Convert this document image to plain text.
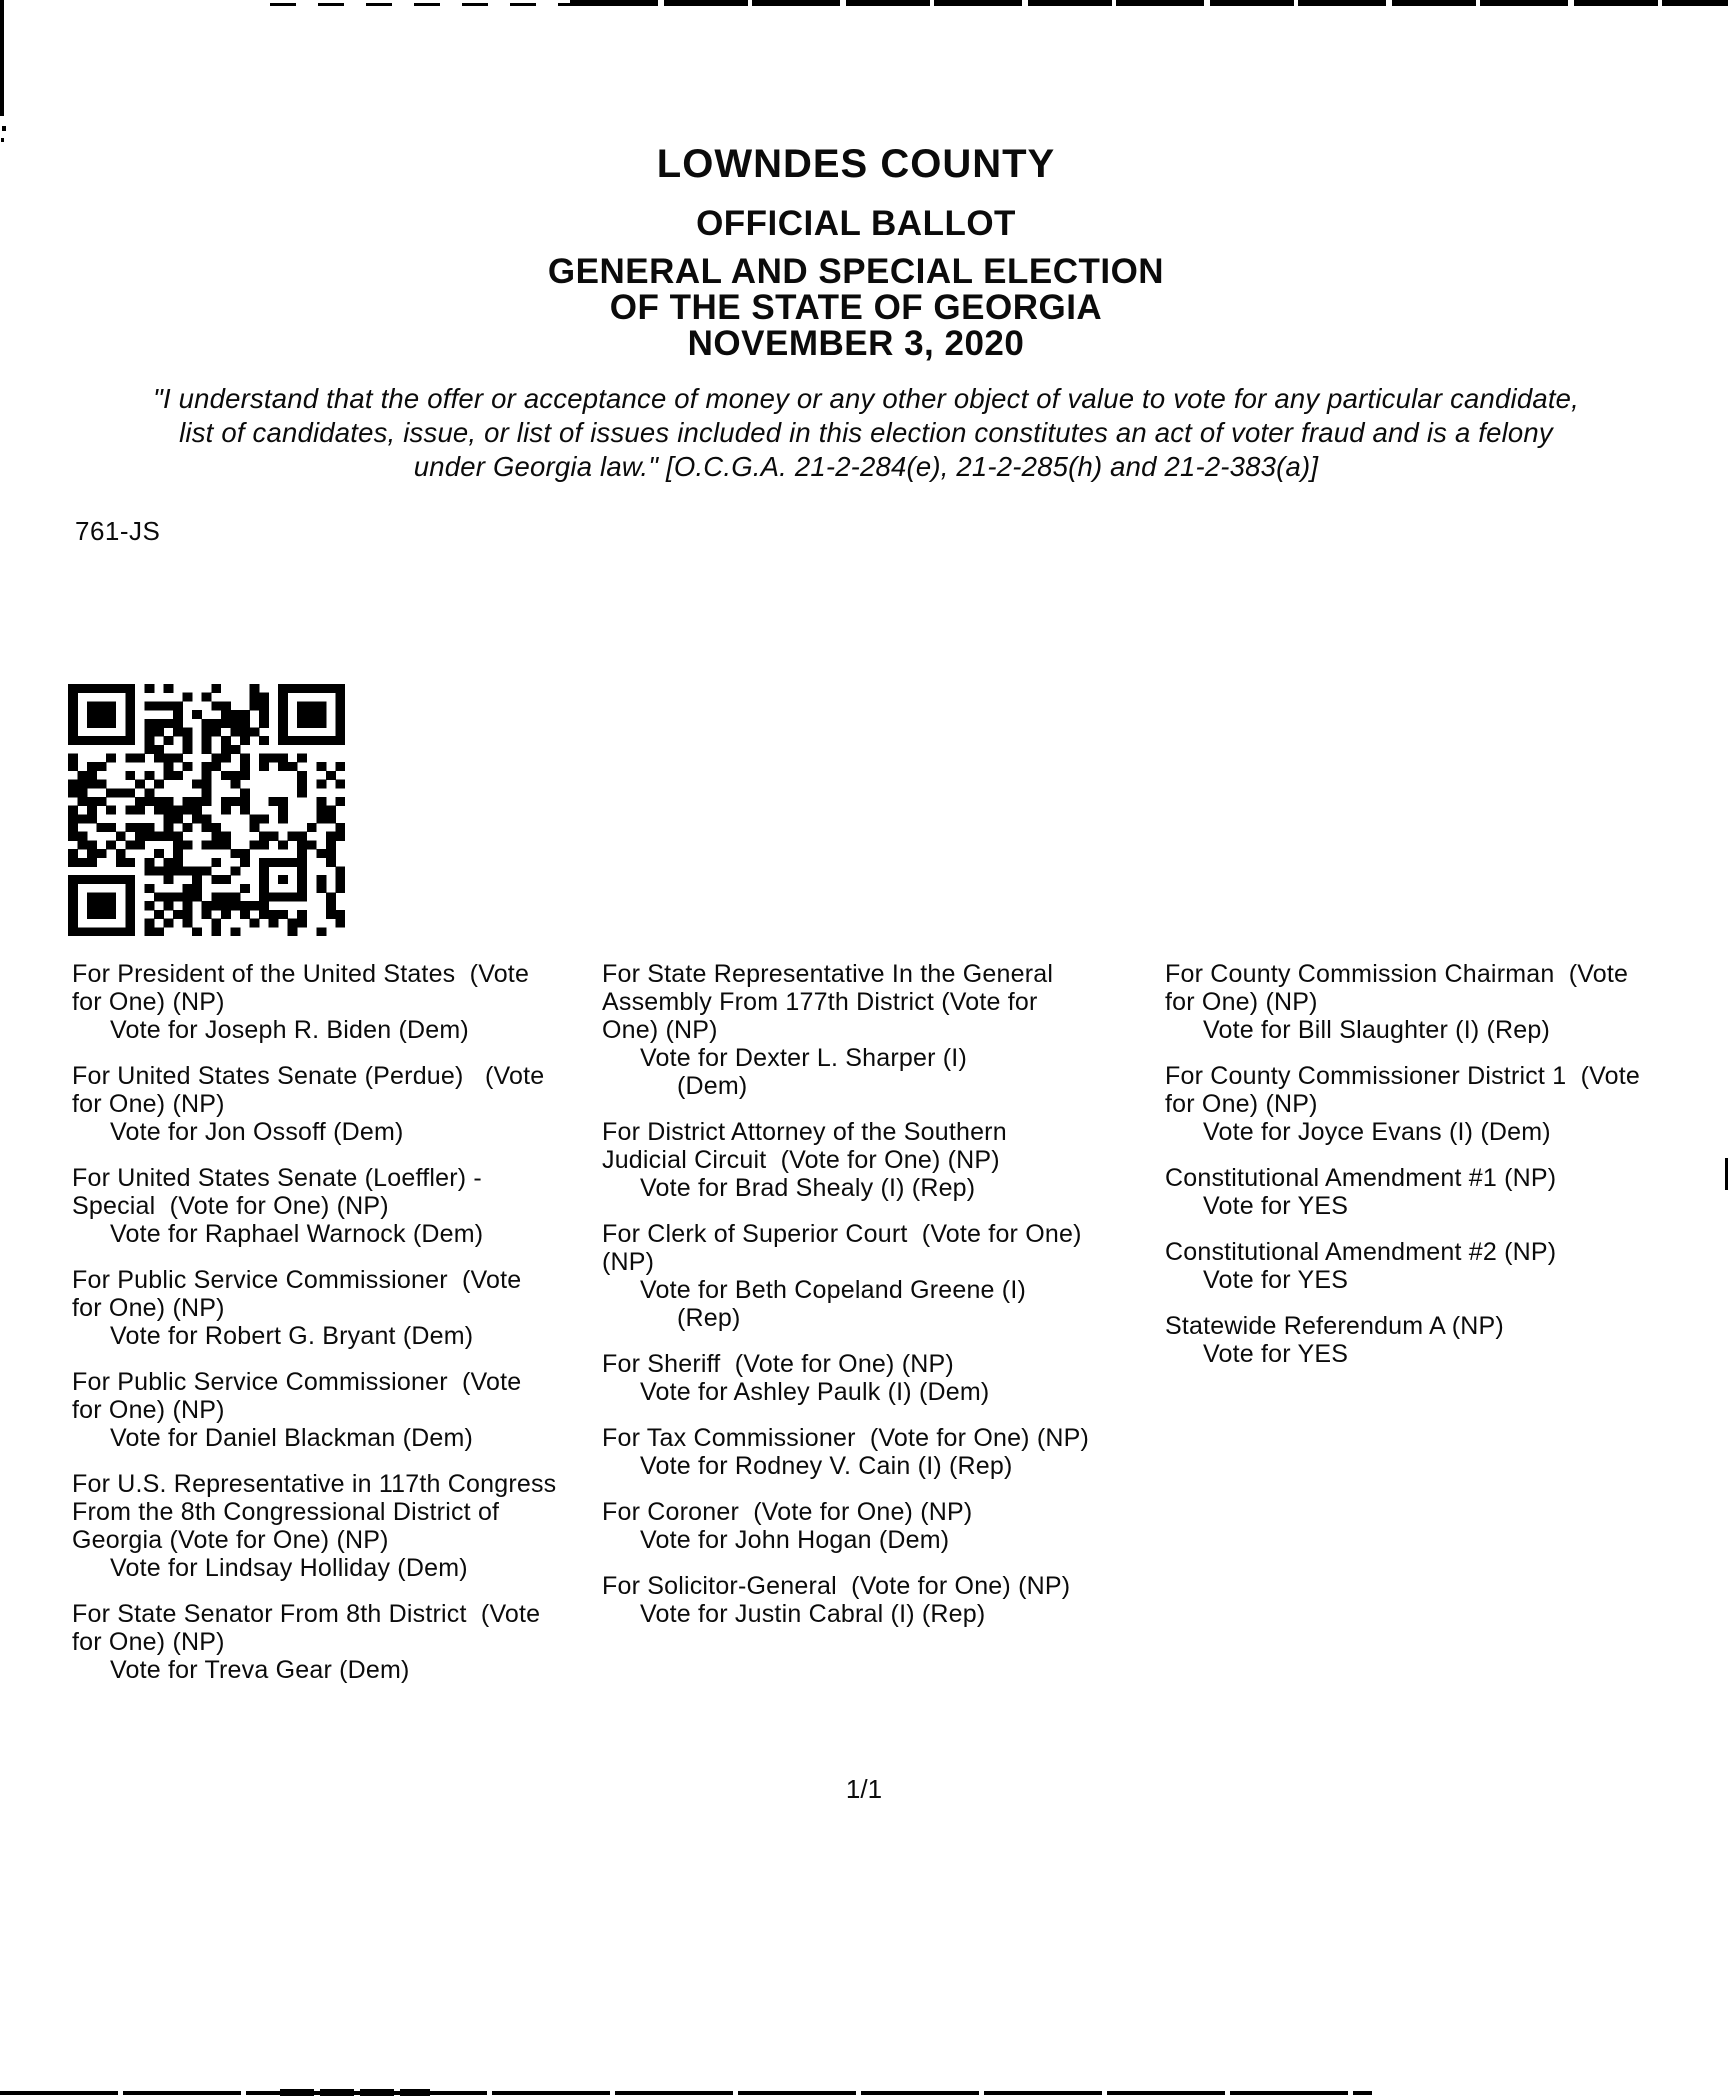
LOWNDES COUNTY
OFFICIAL BALLOT
GENERAL AND SPECIAL ELECTION
OF THE STATE OF GEORGIA
NOVEMBER 3, 2020
"I understand that the offer or acceptance of money or any other object of value to vote for any particular candidate,
list of candidates, issue, or list of issues included in this election constitutes an act of voter fraud and is a felony
under Georgia law." [O.C.G.A. 21-2-284(e), 21-2-285(h) and 21-2-383(a)]
761-JS
For President of the United States  (Vote
for One) (NP)
Vote for Joseph R. Biden (Dem)
For United States Senate (Perdue)   (Vote
for One) (NP)
Vote for Jon Ossoff (Dem)
For United States Senate (Loeffler) -
Special  (Vote for One) (NP)
Vote for Raphael Warnock (Dem)
For Public Service Commissioner  (Vote
for One) (NP)
Vote for Robert G. Bryant (Dem)
For Public Service Commissioner  (Vote
for One) (NP)
Vote for Daniel Blackman (Dem)
For U.S. Representative in 117th Congress
From the 8th Congressional District of
Georgia (Vote for One) (NP)
Vote for Lindsay Holliday (Dem)
For State Senator From 8th District  (Vote
for One) (NP)
Vote for Treva Gear (Dem)
For State Representative In the General
Assembly From 177th District (Vote for
One) (NP)
Vote for Dexter L. Sharper (I)
(Dem)
For District Attorney of the Southern
Judicial Circuit  (Vote for One) (NP)
Vote for Brad Shealy (I) (Rep)
For Clerk of Superior Court  (Vote for One)
(NP)
Vote for Beth Copeland Greene (I)
(Rep)
For Sheriff  (Vote for One) (NP)
Vote for Ashley Paulk (I) (Dem)
For Tax Commissioner  (Vote for One) (NP)
Vote for Rodney V. Cain (I) (Rep)
For Coroner  (Vote for One) (NP)
Vote for John Hogan (Dem)
For Solicitor-General  (Vote for One) (NP)
Vote for Justin Cabral (I) (Rep)
For County Commission Chairman  (Vote
for One) (NP)
Vote for Bill Slaughter (I) (Rep)
For County Commissioner District 1  (Vote
for One) (NP)
Vote for Joyce Evans (I) (Dem)
Constitutional Amendment #1 (NP)
Vote for YES
Constitutional Amendment #2 (NP)
Vote for YES
Statewide Referendum A (NP)
Vote for YES
1/1
